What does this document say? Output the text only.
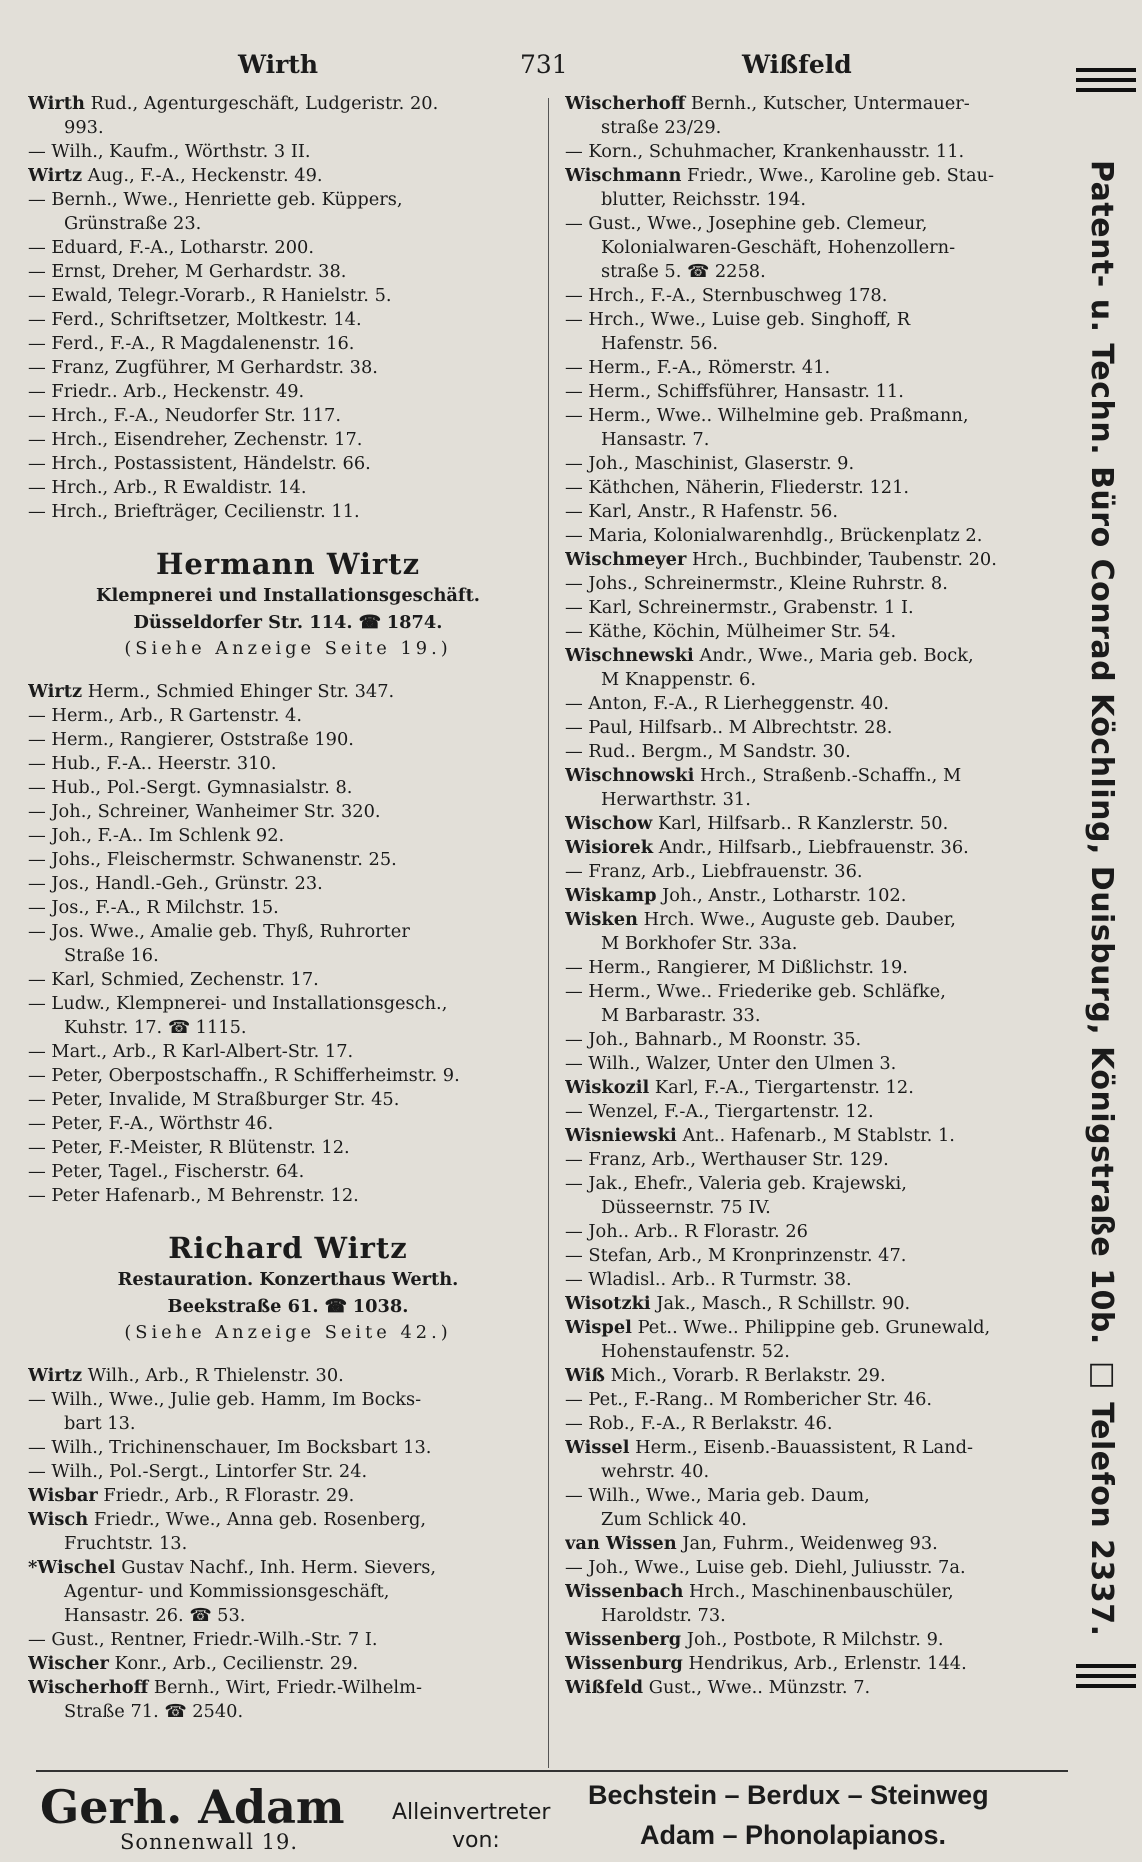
Wirth	731	Wißfeld

Wirth Rud., Agenturgeschäft, Ludgeristr. 20.

993.

— Wilh., Kaufm., Wörthstr. 3 II.

Wirtz Aug., F.-A., Heckenstr. 49.

— Bernh., Wwe., Henriette geb. Küppers,

Grünstraße 23.

— Eduard, F.-A., Lotharstr. 200.

— Ernst, Dreher, M Gerhardstr. 38.

— Ewald, Telegr.-Vorarb., R Hanielstr. 5.

— Ferd., Schriftsetzer, Moltkestr. 14.

— Ferd., F.-A., R Magdalenenstr. 16.

— Franz, Zugführer, M Gerhardstr. 38.

— Friedr.. Arb., Heckenstr. 49.

— Hrch., F.-A., Neudorfer Str. 117.

— Hrch., Eisendreher, Zechenstr. 17.

— Hrch., Postassistent, Händelstr. 66.

— Hrch., Arb., R Ewaldistr. 14.

— Hrch., Briefträger, Cecilienstr. 11.

Hermann Wirtz
Klempnerei und Installationsgeschäft.
Düsseldorfer Str. 114. ☎ 1874.
(Siehe Anzeige Seite 19.)

Wirtz Herm., Schmied Ehinger Str. 347.

— Herm., Arb., R Gartenstr. 4.

— Herm., Rangierer, Oststraße 190.

— Hub., F.-A.. Heerstr. 310.

— Hub., Pol.-Sergt. Gymnasialstr. 8.

— Joh., Schreiner, Wanheimer Str. 320.

— Joh., F.-A.. Im Schlenk 92.

— Johs., Fleischermstr. Schwanenstr. 25.

— Jos., Handl.-Geh., Grünstr. 23.

— Jos., F.-A., R Milchstr. 15.

— Jos. Wwe., Amalie geb. Thyß, Ruhrorter

Straße 16.

— Karl, Schmied, Zechenstr. 17.

— Ludw., Klempnerei- und Installationsgesch.,

Kuhstr. 17. ☎ 1115.

— Mart., Arb., R Karl-Albert-Str. 17.

— Peter, Oberpostschaffn., R Schifferheimstr. 9.

— Peter, Invalide, M Straßburger Str. 45.

— Peter, F.-A., Wörthstr 46.

— Peter, F.-Meister, R Blütenstr. 12.

— Peter, Tagel., Fischerstr. 64.

— Peter Hafenarb., M Behrenstr. 12.

Richard Wirtz
Restauration. Konzerthaus Werth.
Beekstraße 61. ☎ 1038.
(Siehe Anzeige Seite 42.)

Wirtz Wilh., Arb., R Thielenstr. 30.

— Wilh., Wwe., Julie geb. Hamm, Im Bocks-

bart 13.

— Wilh., Trichinenschauer, Im Bocksbart 13.

— Wilh., Pol.-Sergt., Lintorfer Str. 24.

Wisbar Friedr., Arb., R Florastr. 29.

Wisch Friedr., Wwe., Anna geb. Rosenberg,

Fruchtstr. 13.

*Wischel Gustav Nachf., Inh. Herm. Sievers,

Agentur- und Kommissionsgeschäft,

Hansastr. 26. ☎ 53.

— Gust., Rentner, Friedr.-Wilh.-Str. 7 I.

Wischer Konr., Arb., Cecilienstr. 29.

Wischerhoff Bernh., Wirt, Friedr.-Wilhelm-

Straße 71. ☎ 2540.

Wischerhoff Bernh., Kutscher, Untermauer-

straße 23/29.

— Korn., Schuhmacher, Krankenhausstr. 11.

Wischmann Friedr., Wwe., Karoline geb. Stau-

blutter, Reichsstr. 194.

— Gust., Wwe., Josephine geb. Clemeur,

Kolonialwaren-Geschäft, Hohenzollern-

straße 5. ☎ 2258.

— Hrch., F.-A., Sternbuschweg 178.

— Hrch., Wwe., Luise geb. Singhoff, R

Hafenstr. 56.

— Herm., F.-A., Römerstr. 41.

— Herm., Schiffsführer, Hansastr. 11.

— Herm., Wwe.. Wilhelmine geb. Praßmann,

Hansastr. 7.

— Joh., Maschinist, Glaserstr. 9.

— Käthchen, Näherin, Fliederstr. 121.

— Karl, Anstr., R Hafenstr. 56.

— Maria, Kolonialwarenhdlg., Brückenplatz 2.

Wischmeyer Hrch., Buchbinder, Taubenstr. 20.

— Johs., Schreinermstr., Kleine Ruhrstr. 8.

— Karl, Schreinermstr., Grabenstr. 1 I.

— Käthe, Köchin, Mülheimer Str. 54.

Wischnewski Andr., Wwe., Maria geb. Bock,

M Knappenstr. 6.

— Anton, F.-A., R Lierheggenstr. 40.

— Paul, Hilfsarb.. M Albrechtstr. 28.

— Rud.. Bergm., M Sandstr. 30.

Wischnowski Hrch., Straßenb.-Schaffn., M

Herwarthstr. 31.

Wischow Karl, Hilfsarb.. R Kanzlerstr. 50.

Wisiorek Andr., Hilfsarb., Liebfrauenstr. 36.

— Franz, Arb., Liebfrauenstr. 36.

Wiskamp Joh., Anstr., Lotharstr. 102.

Wisken Hrch. Wwe., Auguste geb. Dauber,

M Borkhofer Str. 33a.

— Herm., Rangierer, M Dißlichstr. 19.

— Herm., Wwe.. Friederike geb. Schläfke,

M Barbarastr. 33.

— Joh., Bahnarb., M Roonstr. 35.

— Wilh., Walzer, Unter den Ulmen 3.

Wiskozil Karl, F.-A., Tiergartenstr. 12.

— Wenzel, F.-A., Tiergartenstr. 12.

Wisniewski Ant.. Hafenarb., M Stablstr. 1.

— Franz, Arb., Werthauser Str. 129.

— Jak., Ehefr., Valeria geb. Krajewski,

Düsseernstr. 75 IV.

— Joh.. Arb.. R Florastr. 26

— Stefan, Arb., M Kronprinzenstr. 47.

— Wladisl.. Arb.. R Turmstr. 38.

Wisotzki Jak., Masch., R Schillstr. 90.

Wispel Pet.. Wwe.. Philippine geb. Grunewald,

Hohenstaufenstr. 52.

Wiß Mich., Vorarb. R Berlakstr. 29.

— Pet., F.-Rang.. M Rombericher Str. 46.

— Rob., F.-A., R Berlakstr. 46.

Wissel Herm., Eisenb.-Bauassistent, R Land-

wehrstr. 40.

— Wilh., Wwe., Maria geb. Daum,

Zum Schlick 40.

van Wissen Jan, Fuhrm., Weidenweg 93.

— Joh., Wwe., Luise geb. Diehl, Juliusstr. 7a.

Wissenbach Hrch., Maschinenbauschüler,

Haroldstr. 73.

Wissenberg Joh., Postbote, R Milchstr. 9.

Wissenburg Hendrikus, Arb., Erlenstr. 144.

Wißfeld Gust., Wwe.. Münzstr. 7.

Patent- u. Techn. Büro Conrad Köchling, Duisburg, Königstraße 10b. □ Telefon 2337.
Gerh. Adam Alleinvertreter
von:
Sonnenwall 19.
Bechstein – Berdux – Steinweg
Adam – Phonolapianos.
